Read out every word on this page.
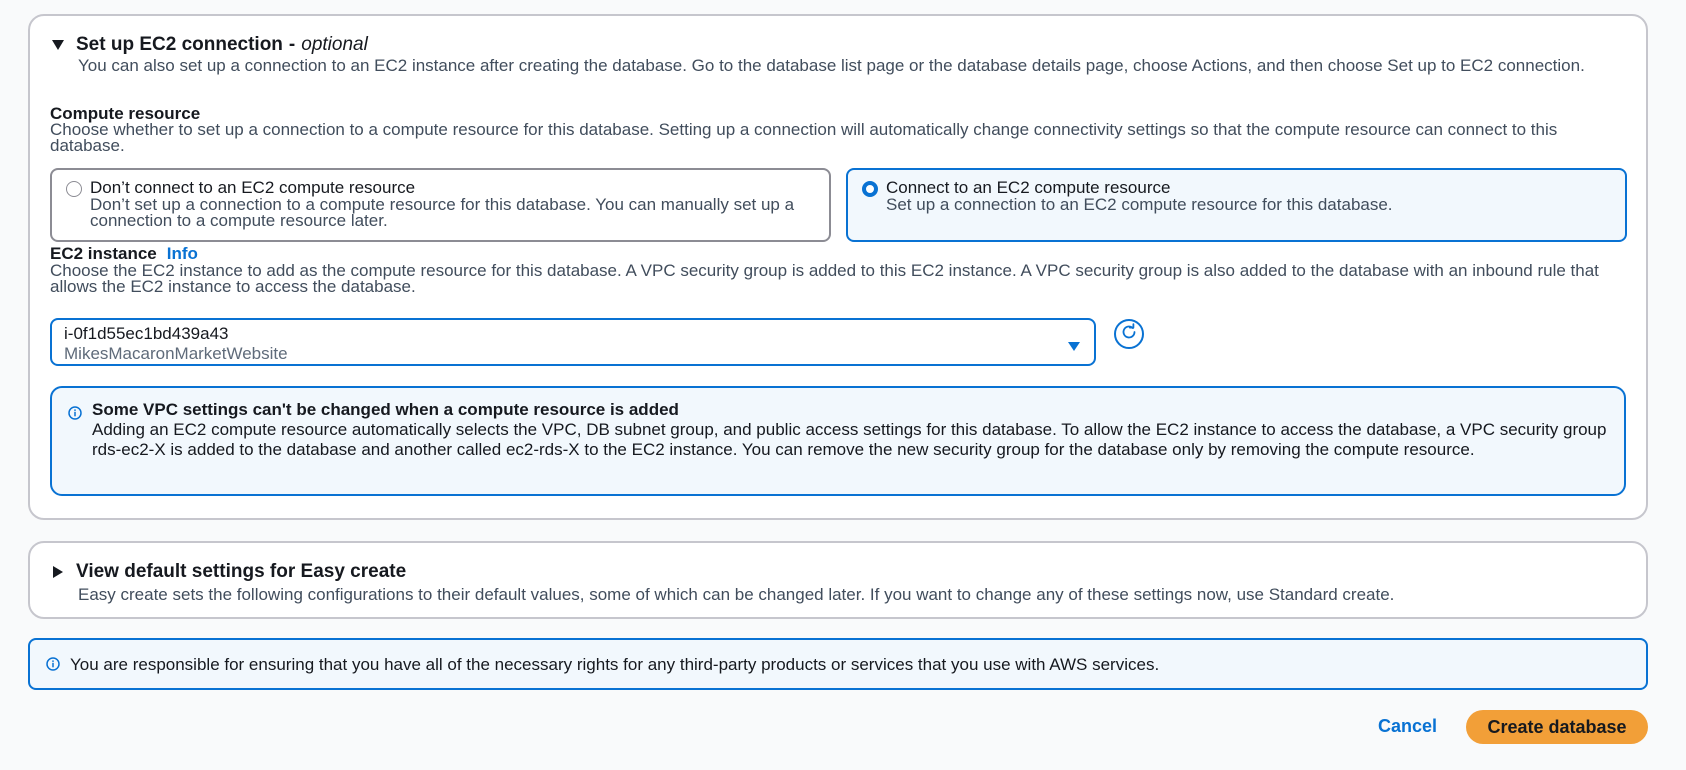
Set up EC2 connection - optional
You can also set up a connection to an EC2 instance after creating the database. Go to the database list page or the database details page, choose Actions, and then choose Set up to EC2 connection.
Compute resource
Choose whether to set up a connection to a compute resource for this database. Setting up a connection will automatically change connectivity settings so that the compute resource can connect to this database.
Don’t connect to an EC2 compute resource
Don’t set up a connection to a compute resource for this database. You can manually set up a connection to a compute resource later.
Connect to an EC2 compute resource
Set up a connection to an EC2 compute resource for this database.
EC2 instance Info
Choose the EC2 instance to add as the compute resource for this database. A VPC security group is added to this EC2 instance. A VPC security group is also added to the database with an inbound rule that allows the EC2 instance to access the database.
i-0f1d55ec1bd439a43
MikesMacaronMarketWebsite
Some VPC settings can't be changed when a compute resource is added
Adding an EC2 compute resource automatically selects the VPC, DB subnet group, and public access settings for this database. To allow the EC2 instance to access the database, a VPC security group rds-ec2-X is added to the database and another called ec2-rds-X to the EC2 instance. You can remove the new security group for the database only by removing the compute resource.
View default settings for Easy create
Easy create sets the following configurations to their default values, some of which can be changed later. If you want to change any of these settings now, use Standard create.
You are responsible for ensuring that you have all of the necessary rights for any third-party products or services that you use with AWS services.
Cancel	Create database
